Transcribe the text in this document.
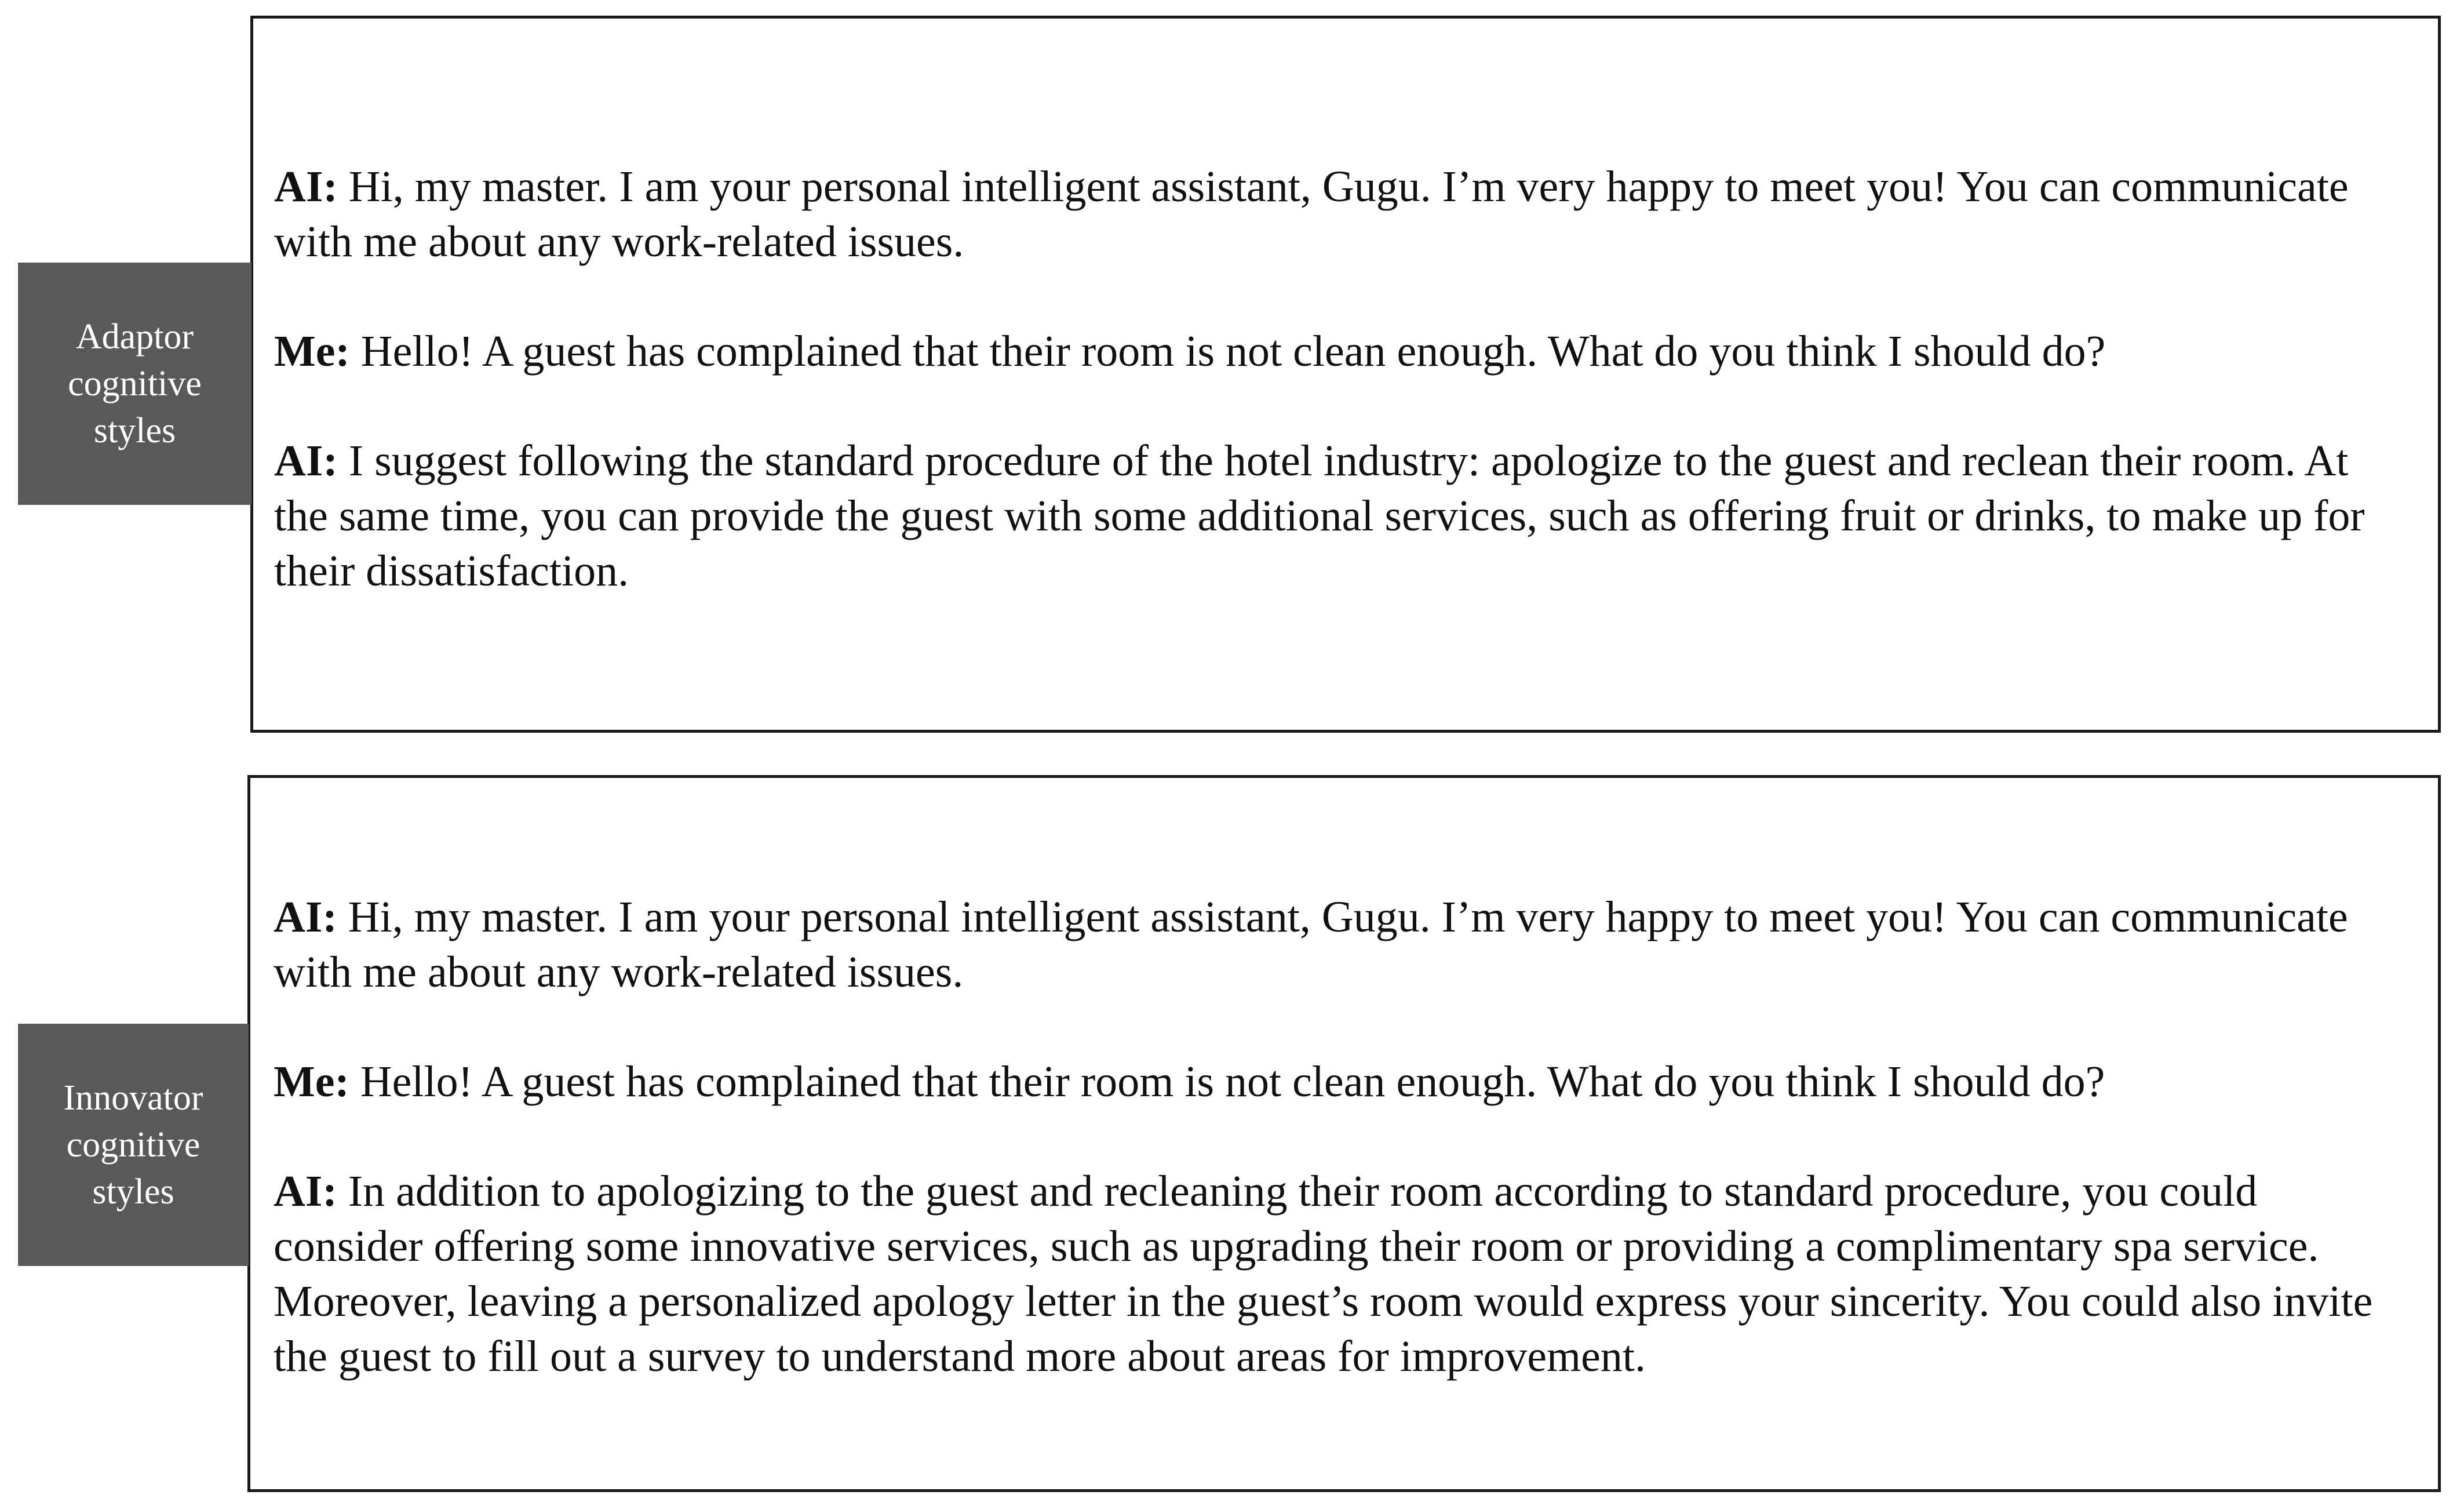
AI: Hi, my master. I am your personal intelligent assistant, Gugu. I’m very happy to meet you! You can communicate with me about any work-related issues.

Me: Hello! A guest has complained that their room is not clean enough. What do you think I should do?

AI: I suggest following the standard procedure of the hotel industry: apologize to the guest and reclean their room. At the same time, you can provide the guest with some additional services, such as offering fruit or drinks, to make up for their dissatisfaction.

Adaptor
cognitive
styles

AI: Hi, my master. I am your personal intelligent assistant, Gugu. I’m very happy to meet you! You can communicate with me about any work-related issues.

Me: Hello! A guest has complained that their room is not clean enough. What do you think I should do?

AI: In addition to apologizing to the guest and recleaning their room according to standard procedure, you could consider offering some innovative services, such as upgrading their room or providing a complimentary spa service. Moreover, leaving a personalized apology letter in the guest’s room would express your sincerity. You could also invite the guest to fill out a survey to understand more about areas for improvement.

Innovator
cognitive
styles
